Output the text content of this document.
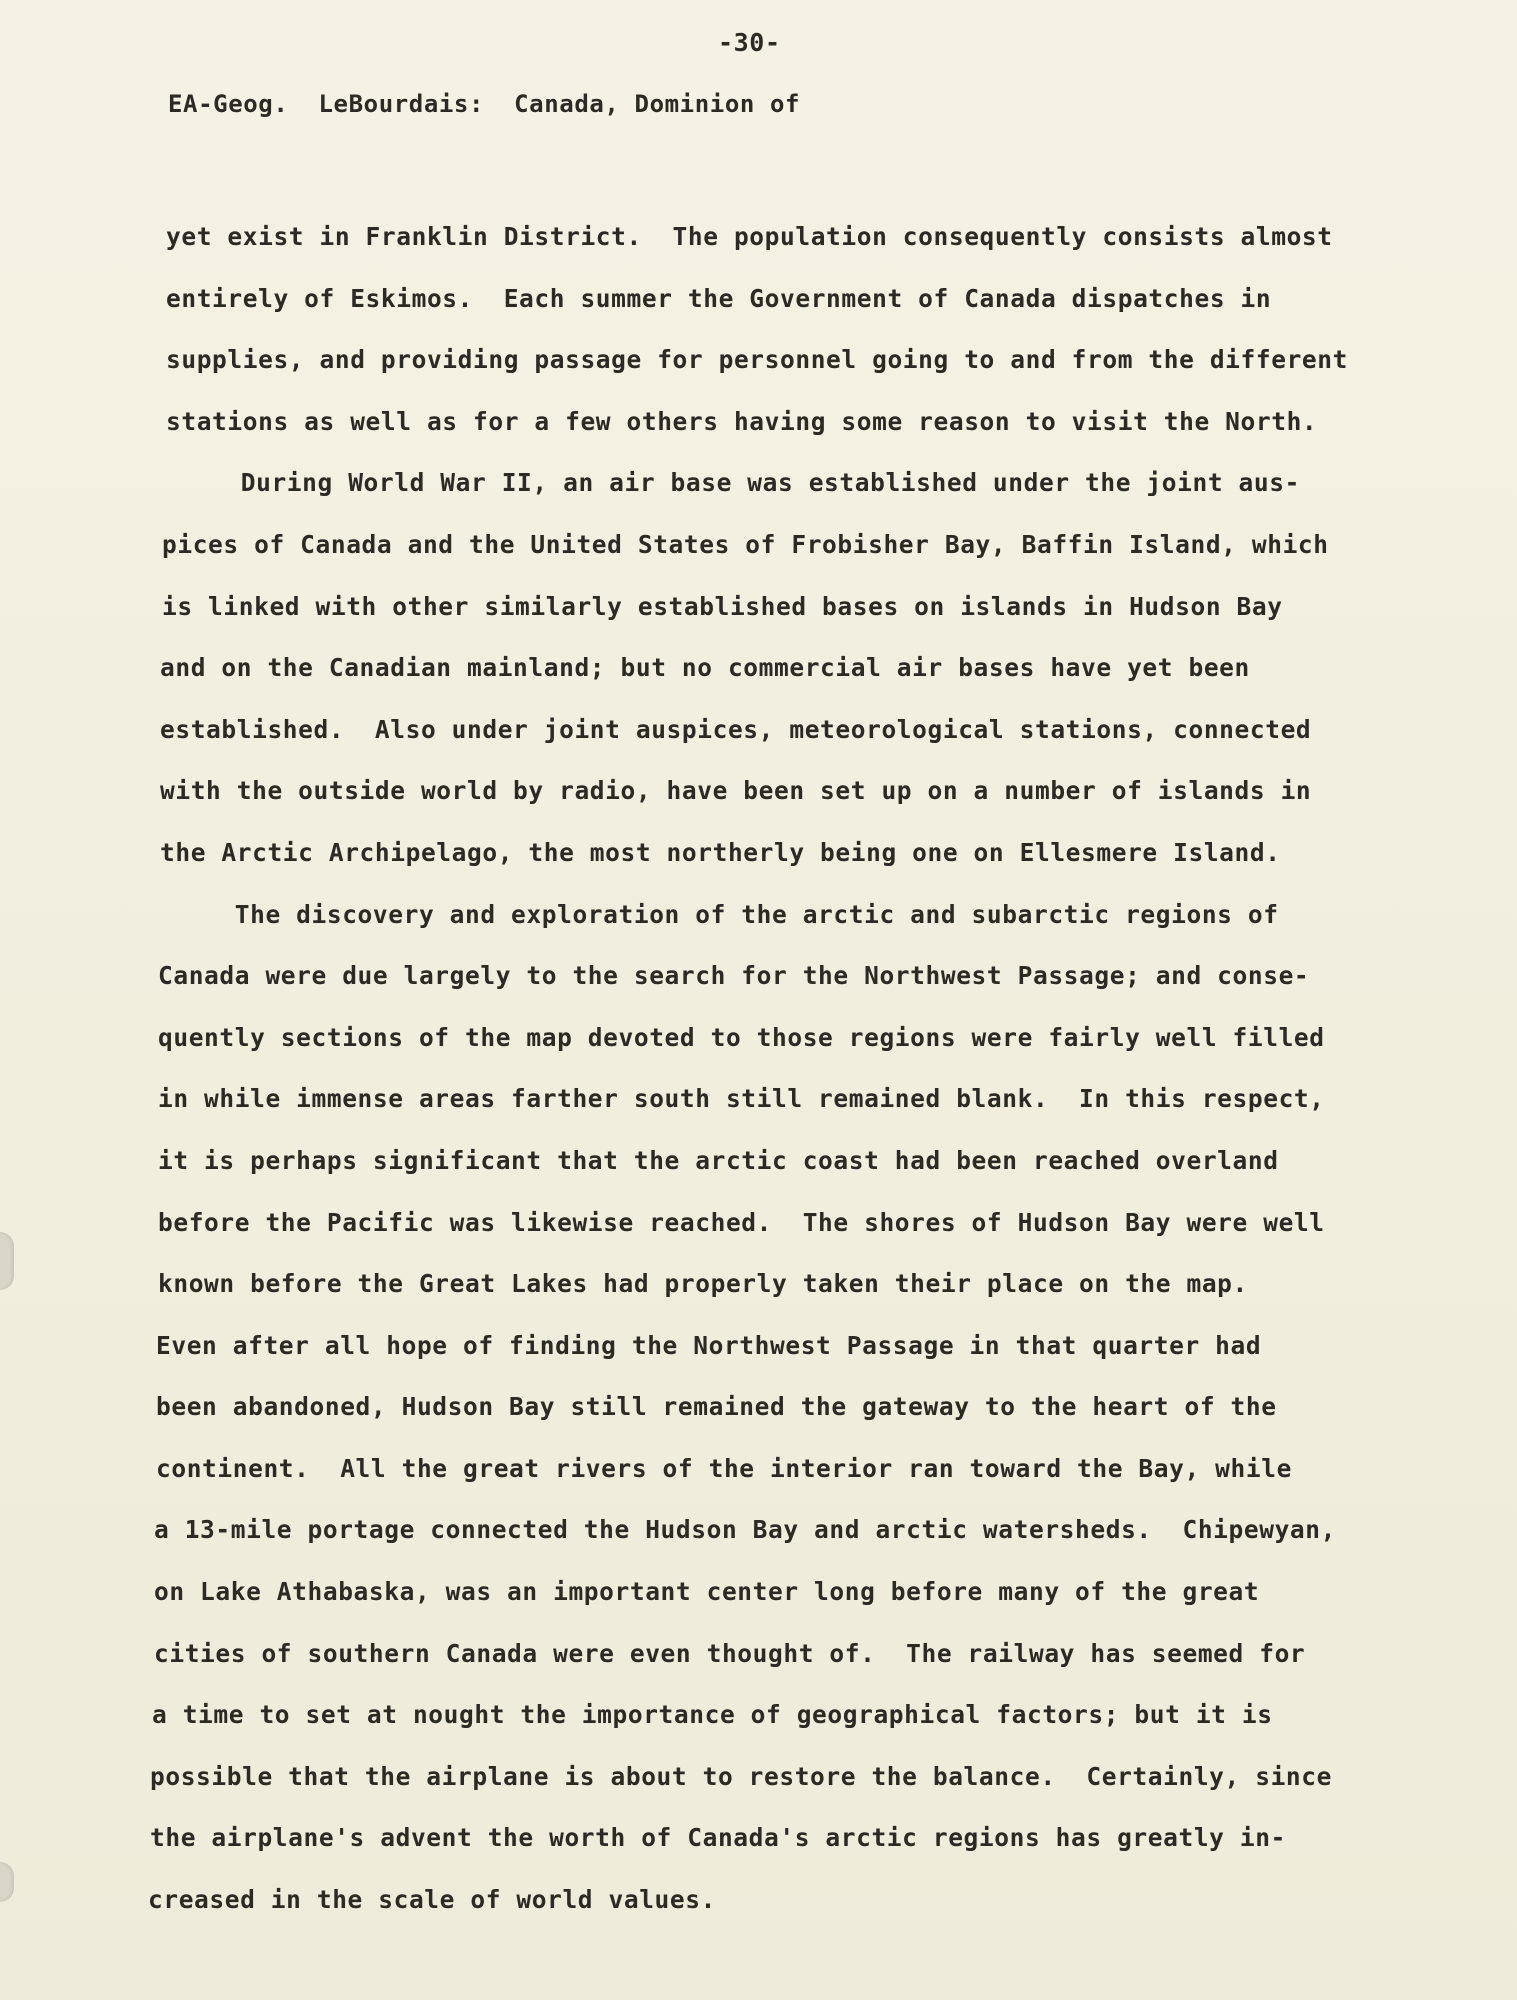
-30-
EA-Geog.  LeBourdais:  Canada, Dominion of
yet exist in Franklin District.  The population consequently consists almost
entirely of Eskimos.  Each summer the Government of Canada dispatches in
supplies, and providing passage for personnel going to and from the different
stations as well as for a few others having some reason to visit the North.
During World War II, an air base was established under the joint aus-
pices of Canada and the United States of Frobisher Bay, Baffin Island, which
is linked with other similarly established bases on islands in Hudson Bay
and on the Canadian mainland; but no commercial air bases have yet been
established.  Also under joint auspices, meteorological stations, connected
with the outside world by radio, have been set up on a number of islands in
the Arctic Archipelago, the most northerly being one on Ellesmere Island.
The discovery and exploration of the arctic and subarctic regions of
Canada were due largely to the search for the Northwest Passage; and conse-
quently sections of the map devoted to those regions were fairly well filled
in while immense areas farther south still remained blank.  In this respect,
it is perhaps significant that the arctic coast had been reached overland
before the Pacific was likewise reached.  The shores of Hudson Bay were well
known before the Great Lakes had properly taken their place on the map.
Even after all hope of finding the Northwest Passage in that quarter had
been abandoned, Hudson Bay still remained the gateway to the heart of the
continent.  All the great rivers of the interior ran toward the Bay, while
a 13-mile portage connected the Hudson Bay and arctic watersheds.  Chipewyan,
on Lake Athabaska, was an important center long before many of the great
cities of southern Canada were even thought of.  The railway has seemed for
a time to set at nought the importance of geographical factors; but it is
possible that the airplane is about to restore the balance.  Certainly, since
the airplane's advent the worth of Canada's arctic regions has greatly in-
creased in the scale of world values.
